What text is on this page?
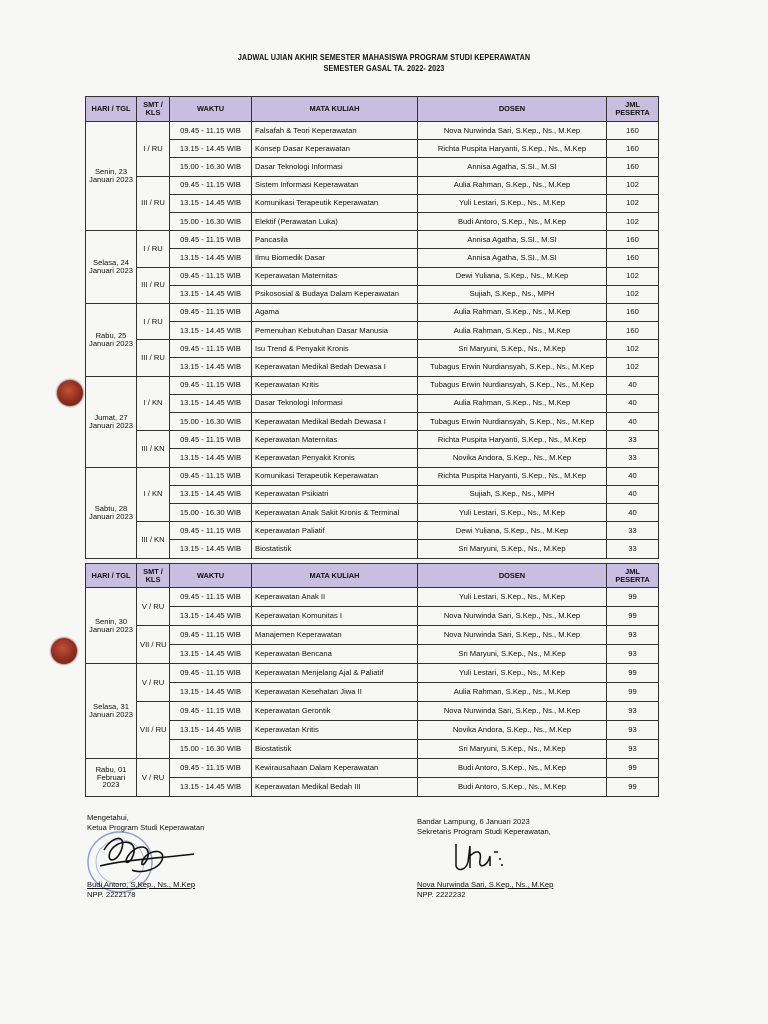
JADWAL UJIAN AKHIR SEMESTER MAHASISWA PROGRAM STUDI KEPERAWATAN
SEMESTER GASAL TA. 2022- 2023
HARI / TGL	SMT /
KLS	WAKTU	MATA KULIAH	DOSEN	JML
PESERTA

Senin, 23
Januari 2023	I / RU	09.45 - 11.15 WIB	Falsafah & Teori Keperawatan	Nova Nurwinda Sari, S.Kep., Ns., M.Kep	160
		13.15 - 14.45 WIB	Konsep Dasar Keperawatan	Richta Puspita Haryanti, S.Kep., Ns., M.Kep	160
		15.00 - 16.30 WIB	Dasar Teknologi Informasi	Annisa Agatha, S.SI., M.SI	160
	III / RU	09.45 - 11.15 WIB	Sistem Informasi Keperawatan	Aulia Rahman, S.Kep., Ns., M.Kep	102
		13.15 - 14.45 WIB	Komunikasi Terapeutik Keperawatan	Yuli Lestari, S.Kep., Ns., M.Kep	102
		15.00 - 16.30 WIB	Elektif (Perawatan Luka)	Budi Antoro, S.Kep., Ns., M.Kep	102

Selasa, 24
Januari 2023	I / RU	09.45 - 11.15 WIB	Pancasila	Annisa Agatha, S.SI., M.SI	160
		13.15 - 14.45 WIB	Ilmu Biomedik Dasar	Annisa Agatha, S.SI., M.SI	160
	III / RU	09.45 - 11.15 WIB	Keperawatan Maternitas	Dewi Yuliana, S.Kep., Ns., M.Kep	102
		13.15 - 14.45 WIB	Psikososial & Budaya Dalam Keperawatan	Sujiah, S.Kep., Ns., MPH	102

Rabu, 25
Januari 2023	I / RU	09.45 - 11.15 WIB	Agama	Aulia Rahman, S.Kep., Ns., M.Kep	160
		13.15 - 14.45 WIB	Pemenuhan Kebutuhan Dasar Manusia	Aulia Rahman, S.Kep., Ns., M.Kep	160
	III / RU	09.45 - 11.15 WIB	Isu Trend & Penyakit Kronis	Sri Maryuni, S.Kep., Ns., M.Kep	102
		13.15 - 14.45 WIB	Keperawatan Medikal Bedah Dewasa I	Tubagus Erwin Nurdiansyah, S.Kep., Ns., M.Kep	102

Jumat, 27
Januari 2023	I / KN	09.45 - 11.15 WIB	Keperawatan Kritis	Tubagus Erwin Nurdiansyah, S.Kep., Ns., M.Kep	40
		13.15 - 14.45 WIB	Dasar Teknologi Informasi	Aulia Rahman, S.Kep., Ns., M.Kep	40
		15.00 - 16.30 WIB	Keperawatan Medikal Bedah Dewasa I	Tubagus Erwin Nurdiansyah, S.Kep., Ns., M.Kep	40
	III / KN	09.45 - 11.15 WIB	Keperawatan Maternitas	Richta Puspita Haryanti, S.Kep., Ns., M.Kep	33
		13.15 - 14.45 WIB	Keperawatan Penyakit Kronis	Novika Andora, S.Kep., Ns., M.Kep	33

Sabtu, 28
Januari 2023	I / KN	09.45 - 11.15 WIB	Komunikasi Terapeutik Keperawatan	Richta Puspita Haryanti, S.Kep., Ns., M.Kep	40
		13.15 - 14.45 WIB	Keperawatan Psikiatri	Sujiah, S.Kep., Ns., MPH	40
		15.00 - 16.30 WIB	Keperawatan Anak Sakit Kronis & Terminal	Yuli Lestari, S.Kep., Ns., M.Kep	40
	III / KN	09.45 - 11.15 WIB	Keperawatan Paliatif	Dewi Yuliana, S.Kep., Ns., M.Kep	33
		13.15 - 14.45 WIB	Biostatistik	Sri Maryuni, S.Kep., Ns., M.Kep	33
HARI / TGL	SMT /
KLS	WAKTU	MATA KULIAH	DOSEN	JML
PESERTA

Senin, 30
Januari 2023	V / RU	09.45 - 11.15 WIB	Keperawatan Anak II	Yuli Lestari, S.Kep., Ns., M.Kep	99
		13.15 - 14.45 WIB	Keperawatan Komunitas I	Nova Nurwinda Sari, S.Kep., Ns., M.Kep	99
	VII / RU	09.45 - 11.15 WIB	Manajemen Keperawatan	Nova Nurwinda Sari, S.Kep., Ns., M.Kep	93
		13.15 - 14.45 WIB	Keperawatan Bencana	Sri Maryuni, S.Kep., Ns., M.Kep	93

Selasa, 31
Januari 2023	V / RU	09.45 - 11.15 WIB	Keperawatan Menjelang Ajal & Paliatif	Yuli Lestari, S.Kep., Ns., M.Kep	99
		13.15 - 14.45 WIB	Keperawatan Kesehatan Jiwa II	Aulia Rahman, S.Kep., Ns., M.Kep	99
	VII / RU	09.45 - 11.15 WIB	Keperawatan Gerontik	Nova Nurwinda Sari, S.Kep., Ns., M.Kep	93
		13.15 - 14.45 WIB	Keperawatan Kritis	Novika Andora, S.Kep., Ns., M.Kep	93
		15.00 - 16.30 WIB	Biostatistik	Sri Maryuni, S.Kep., Ns., M.Kep	93

Rabu, 01
Februari
2023	V / RU	09.45 - 11.15 WIB	Kewirausahaan Dalam Keperawatan	Budi Antoro, S.Kep., Ns., M.Kep	99
		13.15 - 14.45 WIB	Keperawatan Medikal Bedah III	Budi Antoro, S.Kep., Ns., M.Kep	99
Mengetahui,
Ketua Program Studi Keperawatan
Budi Antoro, S.Kep., Ns., M.Kep
NPP. 2222178
Bandar Lampung, 6 Januari 2023
Sekretaris Program Studi Keperawatan,
Nova Nurwinda Sari, S.Kep., Ns., M.Kep
NPP. 2222232
